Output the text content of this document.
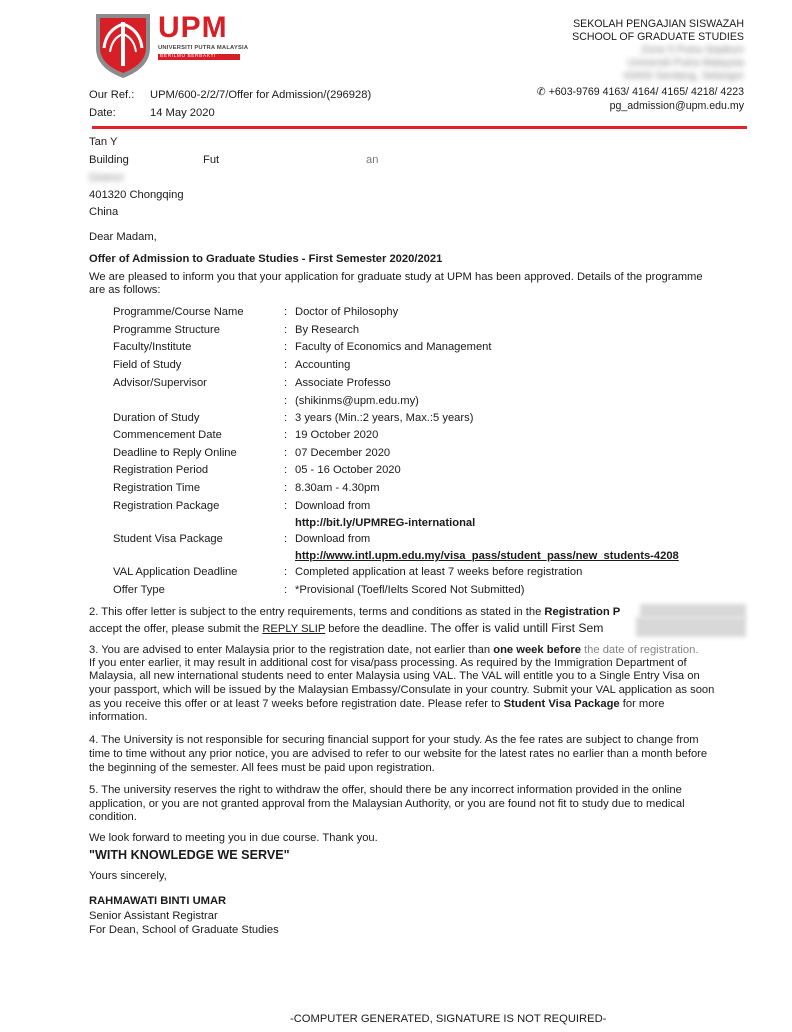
UPM
UNIVERSITI PUTRA MALAYSIA
BERILMU BERBAKTI
SEKOLAH PENGAJIAN SISWAZAH
SCHOOL OF GRADUATE STUDIES
Zone 5 Putra Stadium
Universiti Putra Malaysia
43400 Serdang, Selangor
✆ +603-9769 4163/ 4164/ 4165/ 4218/ 4223
pg_admission@upm.edu.my
Our Ref.: UPM/600-2/2/7/Offer for Admission/(296928)
Date:	14 May 2020
Tan Y
Building	Fut	an
District
401320 Chongqing
China
Dear Madam,
Offer of Admission to Graduate Studies - First Semester 2020/2021
We are pleased to inform you that your application for graduate study at UPM has been approved. Details of the programme
are as follows:
Programme/Course Name	: Doctor of Philosophy
Programme Structure	: By Research
Faculty/Institute	: Faculty of Economics and Management
Field of Study	: Accounting
Advisor/Supervisor	: Associate Professo
: (shikinms@upm.edu.my)
Duration of Study	: 3 years (Min.:2 years, Max.:5 years)
Commencement Date	: 19 October 2020
Deadline to Reply Online	: 07 December 2020
Registration Period	: 05 - 16 October 2020
Registration Time	: 8.30am - 4.30pm
Registration Package	: Download from
http://bit.ly/UPMREG-international
Student Visa Package	: Download from
http://www.intl.upm.edu.my/visa_pass/student_pass/new_students-4208
VAL Application Deadline	: Completed application at least 7 weeks before registration
Offer Type	: *Provisional (Toefl/Ielts Scored Not Submitted)
2. This offer letter is subject to the entry requirements, terms and conditions as stated in the Registration P
accept the offer, please submit the REPLY SLIP before the deadline. The offer is valid untill First Sem
3. You are advised to enter Malaysia prior to the registration date, not earlier than one week before the date of registration.
If you enter earlier, it may result in additional cost for visa/pass processing. As required by the Immigration Department of
Malaysia, all new international students need to enter Malaysia using VAL. The VAL will entitle you to a Single Entry Visa on
your passport, which will be issued by the Malaysian Embassy/Consulate in your country. Submit your VAL application as soon
as you receive this offer or at least 7 weeks before registration date. Please refer to Student Visa Package for more
information.
4. The University is not responsible for securing financial support for your study. As the fee rates are subject to change from
time to time without any prior notice, you are advised to refer to our website for the latest rates no earlier than a month before
the beginning of the semester. All fees must be paid upon registration.
5. The university reserves the right to withdraw the offer, should there be any incorrect information provided in the online
application, or you are not granted approval from the Malaysian Authority, or you are found not fit to study due to medical
condition.
We look forward to meeting you in due course. Thank you.
"WITH KNOWLEDGE WE SERVE"
Yours sincerely,
RAHMAWATI BINTI UMAR
Senior Assistant Registrar
For Dean, School of Graduate Studies
-COMPUTER GENERATED, SIGNATURE IS NOT REQUIRED-
